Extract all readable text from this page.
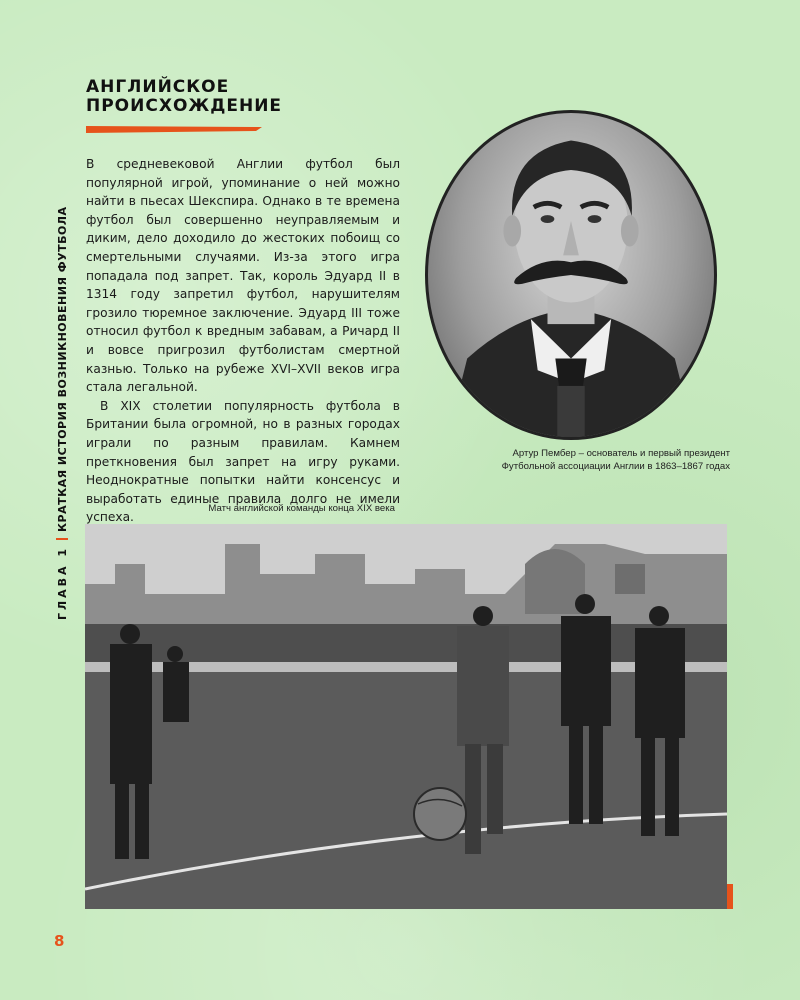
АНГЛИЙСКОЕ
ПРОИСХОЖДЕНИЕ

В средневековой Англии футбол был популярной игрой, упоминание о ней можно найти в пьесах Шекспира. Однако в те времена футбол был совершенно неуправляемым и диким, дело доходило до жестоких побоищ со смертельными случаями. Из-за этого игра попадала под запрет. Так, король Эдуард II в 1314 году запретил футбол, нарушителям грозило тюремное заключение. Эдуард III тоже относил футбол к вредным забавам, а Ричард II и вовсе пригрозил футболистам смертной казнью. Только на рубеже XVI–XVII веков игра стала легальной.

В XIX столетии популярность футбола в Британии была огромной, но в разных городах играли по разным правилам. Камнем преткновения был запрет на игру руками. Неоднократные попытки найти консенсус и выработать единые правила долго не имели успеха.

ГЛАВА 1КРАТКАЯ ИСТОРИЯ ВОЗНИКНОВЕНИЯ ФУТБОЛА	Артур Пембер – основатель и первый президент
Футбольной ассоциации Англии в 1863–1867 годах
Матч английской команды конца XIX века
8
